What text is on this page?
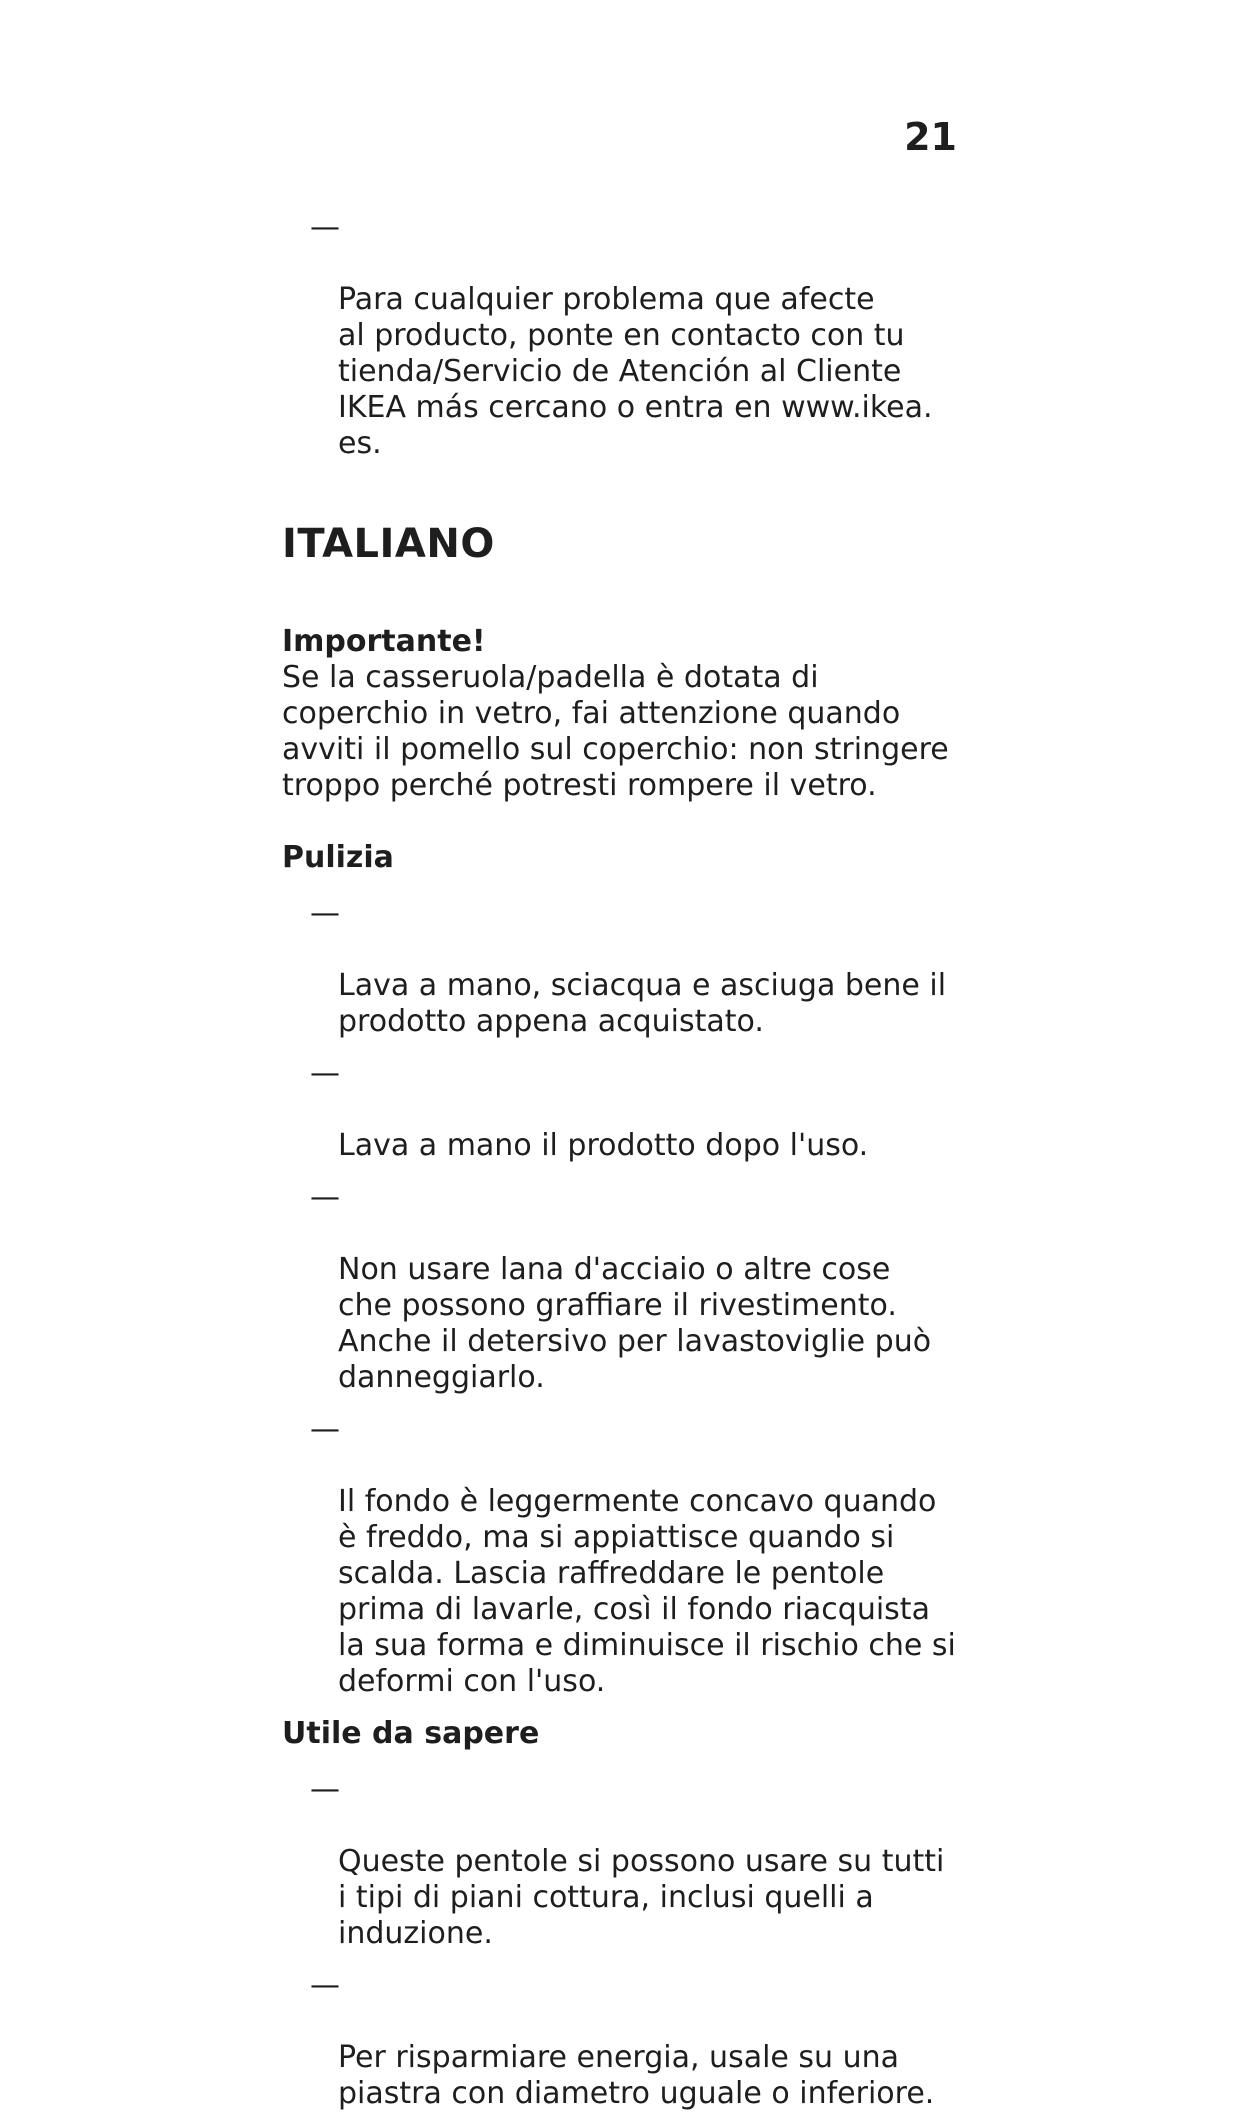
21

—

Para cualquier problema que afecte
al producto, ponte en contacto con tu
tienda/Servicio de Atención al Cliente
IKEA más cercano o entra en www.ikea.
es.

ITALIANO
Importante!

Se la casseruola/padella è dotata di
coperchio in vetro, fai attenzione quando
avviti il pomello sul coperchio: non stringere
troppo perché potresti rompere il vetro.

Pulizia

—

Lava a mano, sciacqua e asciuga bene il
prodotto appena acquistato.

—

Lava a mano il prodotto dopo l'uso.

—

Non usare lana d'acciaio o altre cose
che possono graffiare il rivestimento.
Anche il detersivo per lavastoviglie può
danneggiarlo.

—

Il fondo è leggermente concavo quando
è freddo, ma si appiattisce quando si
scalda. Lascia raffreddare le pentole
prima di lavarle, così il fondo riacquista
la sua forma e diminuisce il rischio che si
deformi con l'uso.

Utile da sapere

—

Queste pentole si possono usare su tutti
i tipi di piani cottura, inclusi quelli a
induzione.

—

Per risparmiare energia, usale su una
piastra con diametro uguale o inferiore.
